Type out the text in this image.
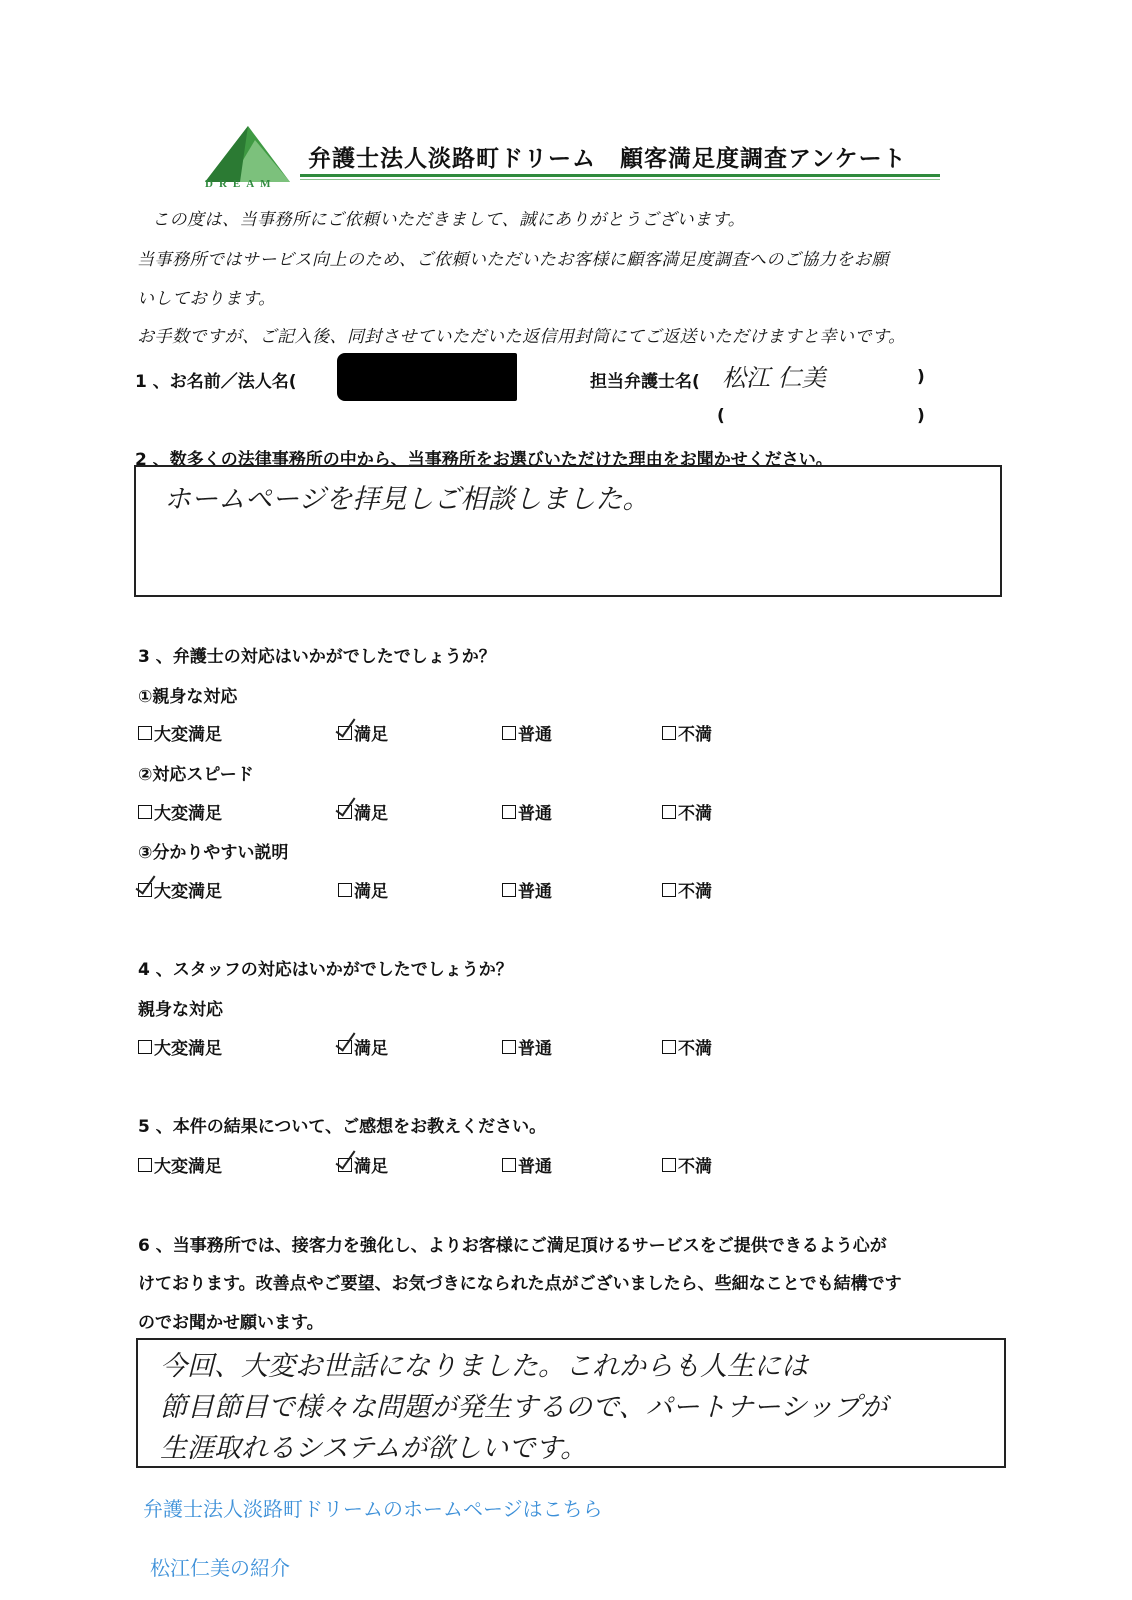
DREAM
弁護士法人淡路町ドリーム　顧客満足度調査アンケート
この度は、当事務所にご依頼いただきまして、誠にありがとうございます。
当事務所ではサービス向上のため、ご依頼いただいたお客様に顧客満足度調査へのご協力をお願
いしております。
お手数ですが、ご記入後、同封させていただいた返信用封筒にてご返送いただけますと幸いです。
1 、お名前／法人名(	担当弁護士名( 松江 仁美	)
(	)
2 、数多くの法律事務所の中から、当事務所をお選びいただけた理由をお聞かせください。
ホームページを拝見しご相談しました。
3 、弁護士の対応はいかがでしたでしょうか？
①親身な対応
大変満足	満足	普通	不満
②対応スピード
大変満足	満足	普通	不満
③分かりやすい説明
大変満足	満足	普通	不満
4 、スタッフの対応はいかがでしたでしょうか？
親身な対応
大変満足	満足	普通	不満
5 、本件の結果について、ご感想をお教えください。
大変満足	満足	普通	不満
6 、当事務所では、接客力を強化し、よりお客様にご満足頂けるサービスをご提供できるよう心が
けております。改善点やご要望、お気づきになられた点がございましたら、些細なことでも結構です
のでお聞かせ願います。
今回、大変お世話になりました。これからも人生には
節目節目で様々な問題が発生するので、パートナーシップが
生涯取れるシステムが欲しいです。
弁護士法人淡路町ドリームのホームページはこちら
松江仁美の紹介
